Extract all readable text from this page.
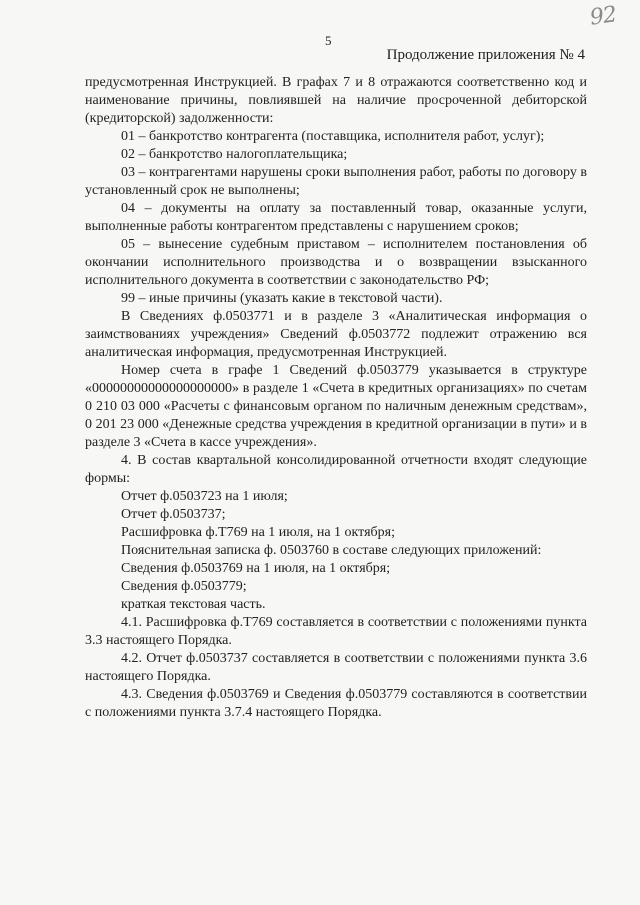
92
5
Продолжение приложения № 4

предусмотренная Инструкцией. В графах 7 и 8 отражаются соответственно код и наименование причины, повлиявшей на наличие просроченной дебиторской (кредиторской) задолженности:

01 – банкротство контрагента (поставщика, исполнителя работ, услуг);

02 – банкротство налогоплательщика;

03 – контрагентами нарушены сроки выполнения работ, работы по договору в установленный срок не выполнены;

04 – документы на оплату за поставленный товар, оказанные услуги, выполненные работы контрагентом представлены с нарушением сроков;

05 – вынесение судебным приставом – исполнителем постановления об окончании исполнительного производства и о возвращении взысканного исполнительного документа в соответствии с законодательство РФ;

99 – иные причины (указать какие в текстовой части).

В Сведениях ф.0503771 и в разделе 3 «Аналитическая информация о заимствованиях учреждения» Сведений ф.0503772 подлежит отражению вся аналитическая информация, предусмотренная Инструкцией.

Номер счета в графе 1 Сведений ф.0503779 указывается в структуре «00000000000000000000» в разделе 1 «Счета в кредитных организациях» по счетам 0 210 03 000 «Расчеты с финансовым органом по наличным денежным средствам», 0 201 23 000 «Денежные средства учреждения в кредитной организации в пути» и в разделе 3 «Счета в кассе учреждения».

4. В состав квартальной консолидированной отчетности входят следующие формы:

Отчет ф.0503723 на 1 июля;

Отчет ф.0503737;

Расшифровка ф.Т769 на 1 июля, на 1 октября;

Пояснительная записка ф. 0503760 в составе следующих приложений:

Сведения ф.0503769 на 1 июля, на 1 октября;

Сведения ф.0503779;

краткая текстовая часть.

4.1. Расшифровка ф.Т769 составляется в соответствии с положениями пункта 3.3 настоящего Порядка.

4.2. Отчет ф.0503737 составляется в соответствии с положениями пункта 3.6 настоящего Порядка.

4.3. Сведения ф.0503769 и Сведения ф.0503779 составляются в соответствии с положениями пункта 3.7.4 настоящего Порядка.
